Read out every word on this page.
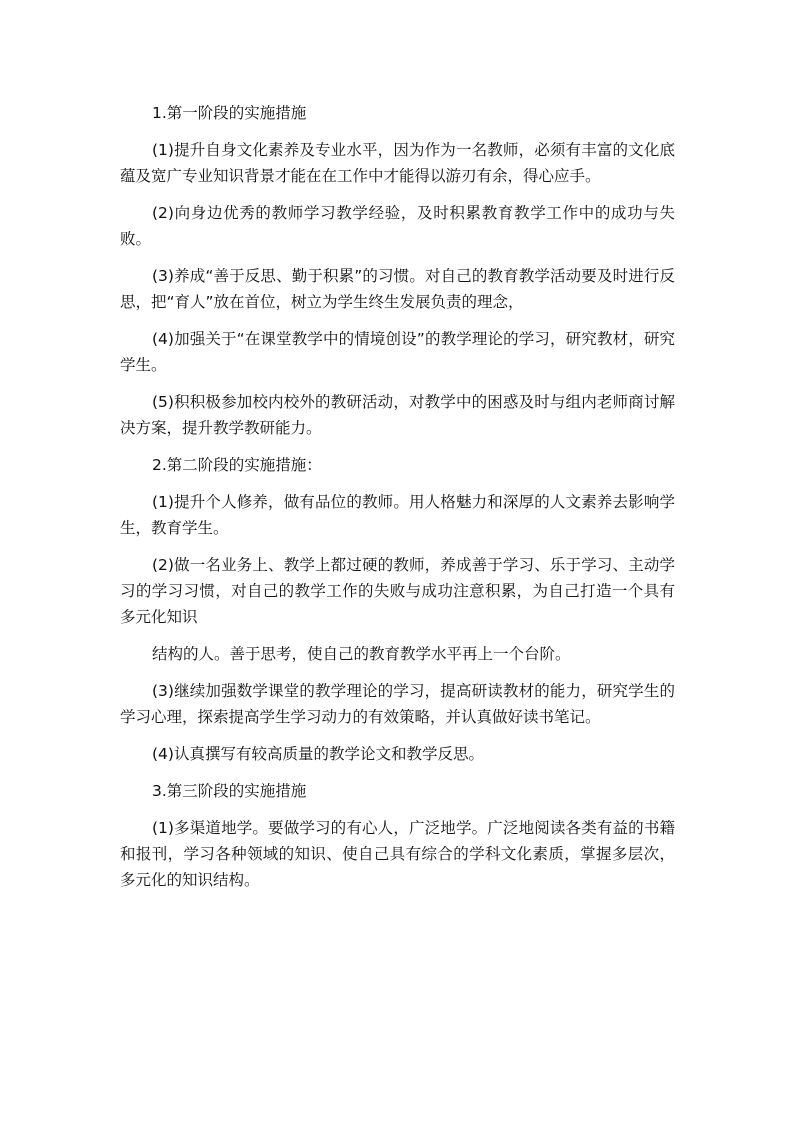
1.第一阶段的实施措施

(1)提升自身文化素养及专业水平，因为作为一名教师，必须有丰富的文化底蕴及宽广专业知识背景才能在在工作中才能得以游刃有余，得心应手。

(2)向身边优秀的教师学习教学经验，及时积累教育教学工作中的成功与失败。

(3)养成“善于反思、勤于积累”的习惯。对自己的教育教学活动要及时进行反思，把“育人”放在首位，树立为学生终生发展负责的理念，

(4)加强关于“在课堂教学中的情境创设”的教学理论的学习，研究教材，研究学生。

(5)积积极参加校内校外的教研活动，对教学中的困惑及时与组内老师商讨解决方案，提升教学教研能力。

2.第二阶段的实施措施：

(1)提升个人修养，做有品位的教师。用人格魅力和深厚的人文素养去影响学生，教育学生。

(2)做一名业务上、教学上都过硬的教师，养成善于学习、乐于学习、主动学习的学习习惯，对自己的教学工作的失败与成功注意积累，为自己打造一个具有多元化知识

结构的人。善于思考，使自己的教育教学水平再上一个台阶。

(3)继续加强数学课堂的教学理论的学习，提高研读教材的能力，研究学生的学习心理，探索提高学生学习动力的有效策略，并认真做好读书笔记。

(4)认真撰写有较高质量的教学论文和教学反思。

3.第三阶段的实施措施

(1)多渠道地学。要做学习的有心人，广泛地学。广泛地阅读各类有益的书籍和报刊，学习各种领域的知识、使自己具有综合的学科文化素质，掌握多层次，多元化的知识结构。
